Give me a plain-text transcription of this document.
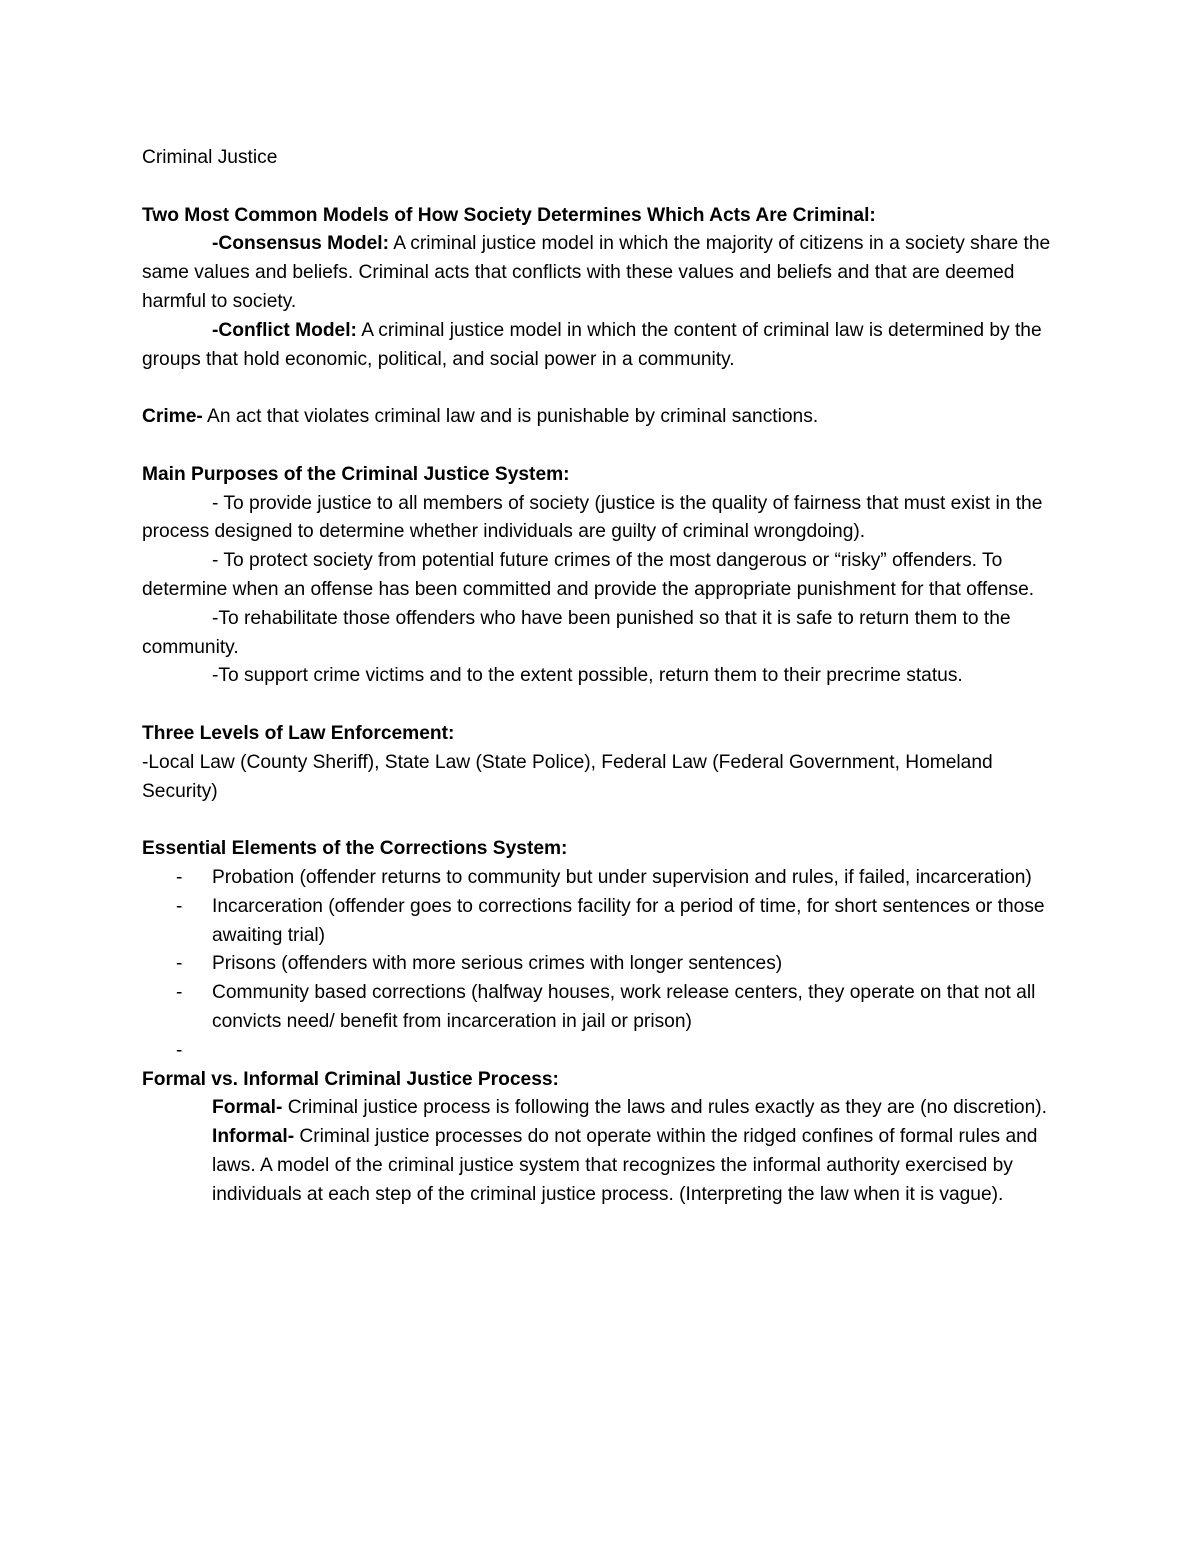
Criminal Justice

Two Most Common Models of How Society Determines Which Acts Are Criminal:

-Consensus Model: A criminal justice model in which the majority of citizens in a society share the same values and beliefs. Criminal acts that conflicts with these values and beliefs and that are deemed harmful to society.

-Conflict Model: A criminal justice model in which the content of criminal law is determined by the groups that hold economic, political, and social power in a community.

Crime- An act that violates criminal law and is punishable by criminal sanctions.

Main Purposes of the Criminal Justice System:

- To provide justice to all members of society (justice is the quality of fairness that must exist in the process designed to determine whether individuals are guilty of criminal wrongdoing).

- To protect society from potential future crimes of the most dangerous or “risky” offenders. To determine when an offense has been committed and provide the appropriate punishment for that offense.

-To rehabilitate those offenders who have been punished so that it is safe to return them to the community.

-To support crime victims and to the extent possible, return them to their precrime status.

Three Levels of Law Enforcement:

-Local Law (County Sheriff), State Law (State Police), Federal Law (Federal Government, Homeland Security)

Essential Elements of the Corrections System:

- Probation (offender returns to community but under supervision and rules, if failed, incarceration)
- Incarceration (offender goes to corrections facility for a period of time, for short sentences or those awaiting trial)
- Prisons (offenders with more serious crimes with longer sentences)
- Community based corrections (halfway houses, work release centers, they operate on that not all convicts need/ benefit from incarceration in jail or prison)
-

Formal vs. Informal Criminal Justice Process:

Formal- Criminal justice process is following the laws and rules exactly as they are (no discretion).

Informal- Criminal justice processes do not operate within the ridged confines of formal rules and laws. A model of the criminal justice system that recognizes the informal authority exercised by individuals at each step of the criminal justice process. (Interpreting the law when it is vague).
